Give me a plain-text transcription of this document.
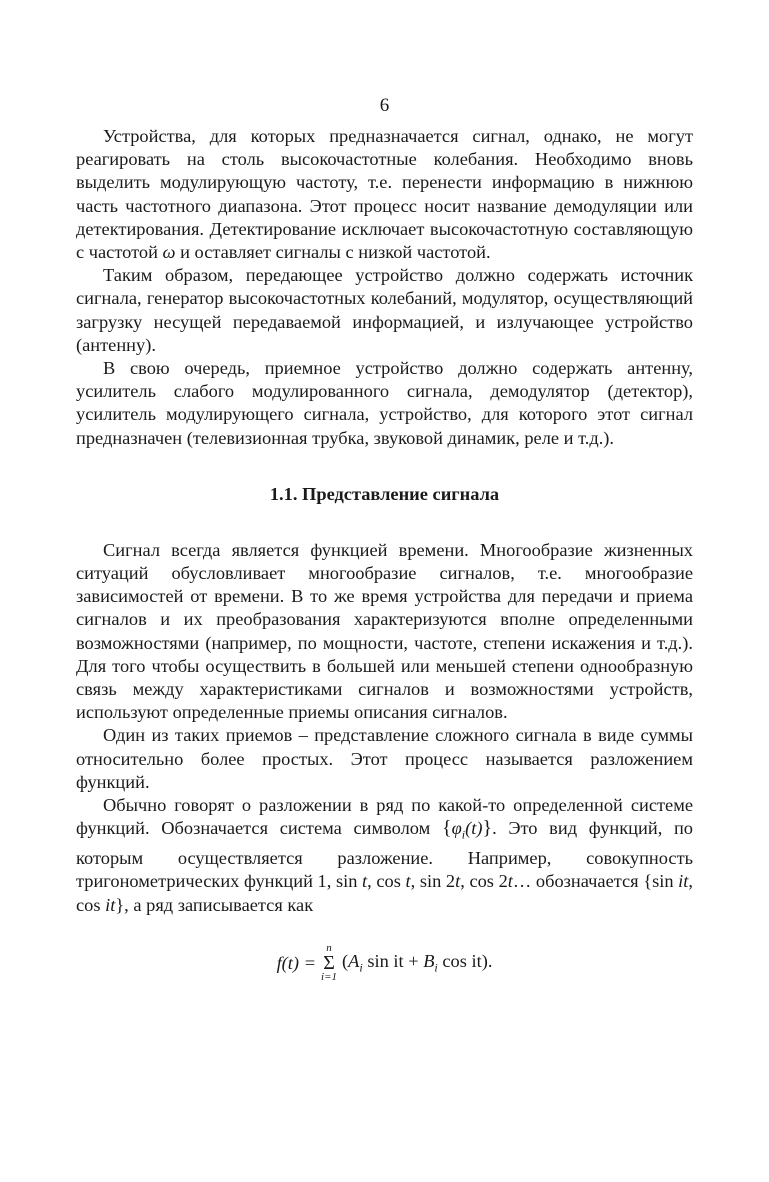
6

Устройства, для которых предназначается сигнал, однако, не могут реагировать на столь высокочастотные колебания. Необходимо вновь выделить модулирующую частоту, т.е. перенести информацию в нижнюю часть частотного диапазона. Этот процесс носит название демодуляции или детектирования. Детектирование исключает высокочастотную составляющую с частотой ω и оставляет сигналы с низкой частотой.

Таким образом, передающее устройство должно содержать источник сигнала, генератор высокочастотных колебаний, модулятор, осуществляющий загрузку несущей передаваемой информацией, и излучающее устройство (антенну).

В свою очередь, приемное устройство должно содержать антенну, усилитель слабого модулированного сигнала, демодулятор (детектор), усилитель модулирующего сигнала, устройство, для которого этот сигнал предназначен (телевизионная трубка, звуковой динамик, реле и т.д.).

1.1. Представление сигнала

Сигнал всегда является функцией времени. Многообразие жизненных ситуаций обусловливает многообразие сигналов, т.е. многообразие зависимостей от времени. В то же время устройства для передачи и приема сигналов и их преобразования характеризуются вполне определенными возможностями (например, по мощности, частоте, степени искажения и т.д.). Для того чтобы осуществить в большей или меньшей степени однообразную связь между характеристиками сигналов и возможностями устройств, используют определенные приемы описания сигналов.

Один из таких приемов – представление сложного сигнала в виде суммы относительно более простых. Этот процесс называется разложением функций.

Обычно говорят о разложении в ряд по какой-то определенной системе функций. Обозначается система символом $\{\varphi_i(t)\}$. Это вид функций, по которым осуществляется разложение. Например, совокупность тригонометрических функций 1, sin t, cos t, sin 2t, cos 2t… обозначается {sin it, cos it}, а ряд записывается как

f(t) =
n
Σ
i=1
($A_i$ sin it + $B_i$ cos it).
